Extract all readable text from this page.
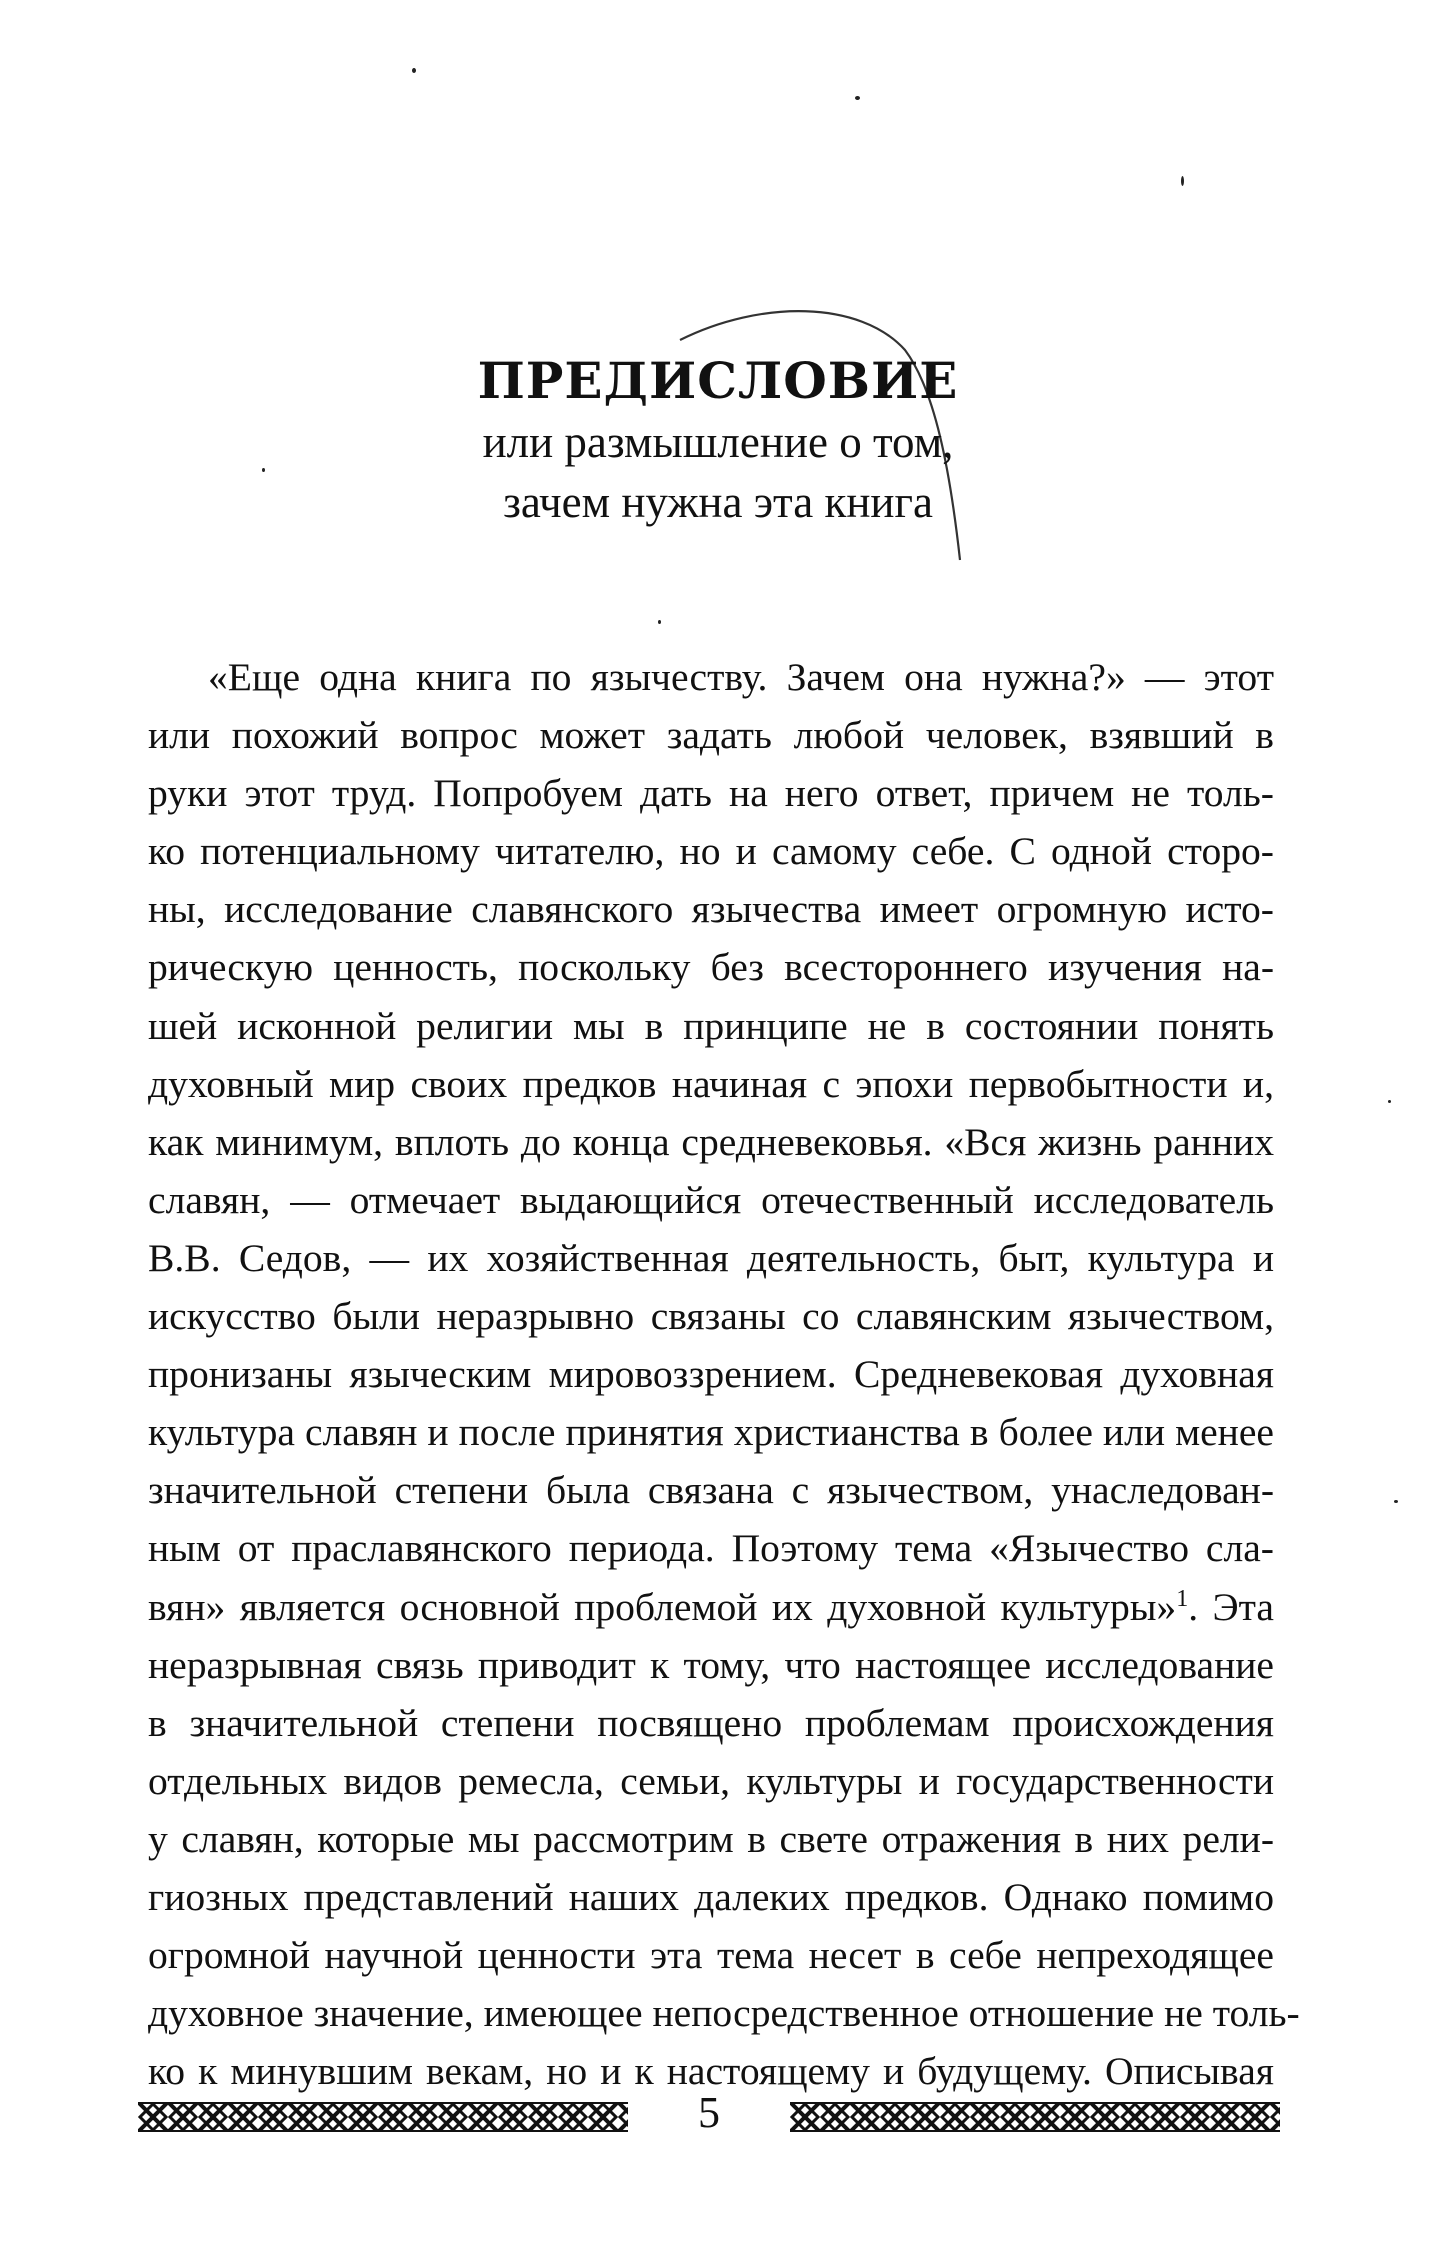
ПРЕДИСЛОВИЕ
или размышление о том,
зачем нужна эта книга
«Еще одна книга по язычеству. Зачем она нужна?» — этот
или похожий вопрос может задать любой человек, взявший в
руки этот труд. Попробуем дать на него ответ, причем не толь-
ко потенциальному читателю, но и самому себе. С одной сторо-
ны, исследование славянского язычества имеет огромную исто-
рическую ценность, поскольку без всестороннего изучения на-
шей исконной религии мы в принципе не в состоянии понять
духовный мир своих предков начиная с эпохи первобытности и,
как минимум, вплоть до конца средневековья. «Вся жизнь ранних
славян, — отмечает выдающийся отечественный исследователь
В.В. Седов, — их хозяйственная деятельность, быт, культура и
искусство были неразрывно связаны со славянским язычеством,
пронизаны языческим мировоззрением. Средневековая духовная
культура славян и после принятия христианства в более или менее
значительной степени была связана с язычеством, унаследован-
ным от праславянского периода. Поэтому тема «Язычество сла-
вян» является основной проблемой их духовной культуры»$^1$. Эта
неразрывная связь приводит к тому, что настоящее исследование
в значительной степени посвящено проблемам происхождения
отдельных видов ремесла, семьи, культуры и государственности
у славян, которые мы рассмотрим в свете отражения в них рели-
гиозных представлений наших далеких предков. Однако помимо
огромной научной ценности эта тема несет в себе непреходящее
духовное значение, имеющее непосредственное отношение не толь-
ко к минувшим векам, но и к настоящему и будущему. Описывая
5
